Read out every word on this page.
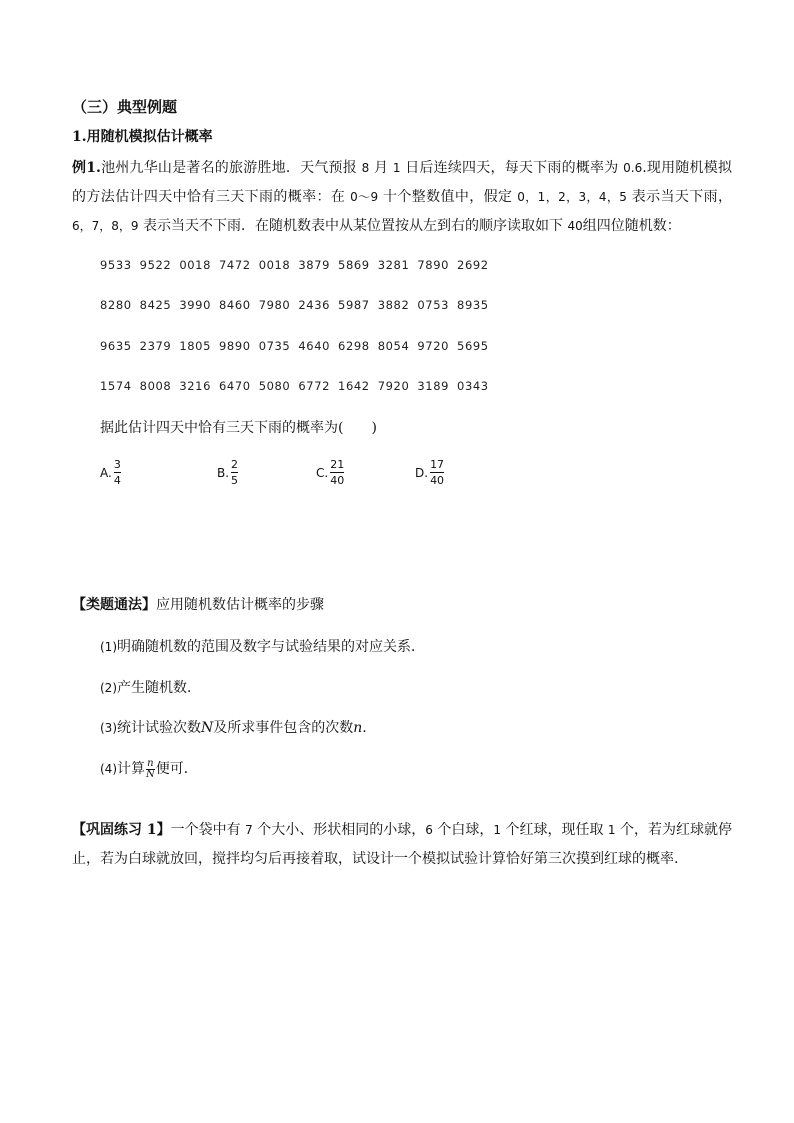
（三）典型例题
1.用随机模拟估计概率

例1.池州九华山是著名的旅游胜地．天气预报 8 月 1 日后连续四天，每天下雨的概率为 0.6.现用随机模拟的方法估计四天中恰有三天下雨的概率：在 0～9 十个整数值中，假定 0，1，2，3，4，5 表示当天下雨， 6，7，8，9 表示当天不下雨．在随机数表中从某位置按从左到右的顺序读取如下 40组四位随机数：

9533 9522 0018 7472 0018 3879 5869 3281 7890 2692
8280 8425 3990 8460 7980 2436 5987 3882 0753 8935
9635 2379 1805 9890 0735 4640 6298 8054 9720 5695
1574 8008 3216 6470 5080 6772 1642 7920 3189 0343
据此估计四天中恰有三天下雨的概率为(　　)
A. $\frac{3}{4}$	B. $\frac{2}{5}$	C. $\frac{21}{40}$	D. $\frac{17}{40}$
【类题通法】应用随机数估计概率的步骤
(1)明确随机数的范围及数字与试验结果的对应关系．
(2)产生随机数．
(3)统计试验次数N及所求事件包含的次数n.
(4)计算 $\frac{n}{N}$ 便可．

【巩固练习 1】一个袋中有 7 个大小、形状相同的小球，6 个白球，1 个红球，现任取 1 个，若为红球就停止，若为白球就放回，搅拌均匀后再接着取，试设计一个模拟试验计算恰好第三次摸到红球的概率.
